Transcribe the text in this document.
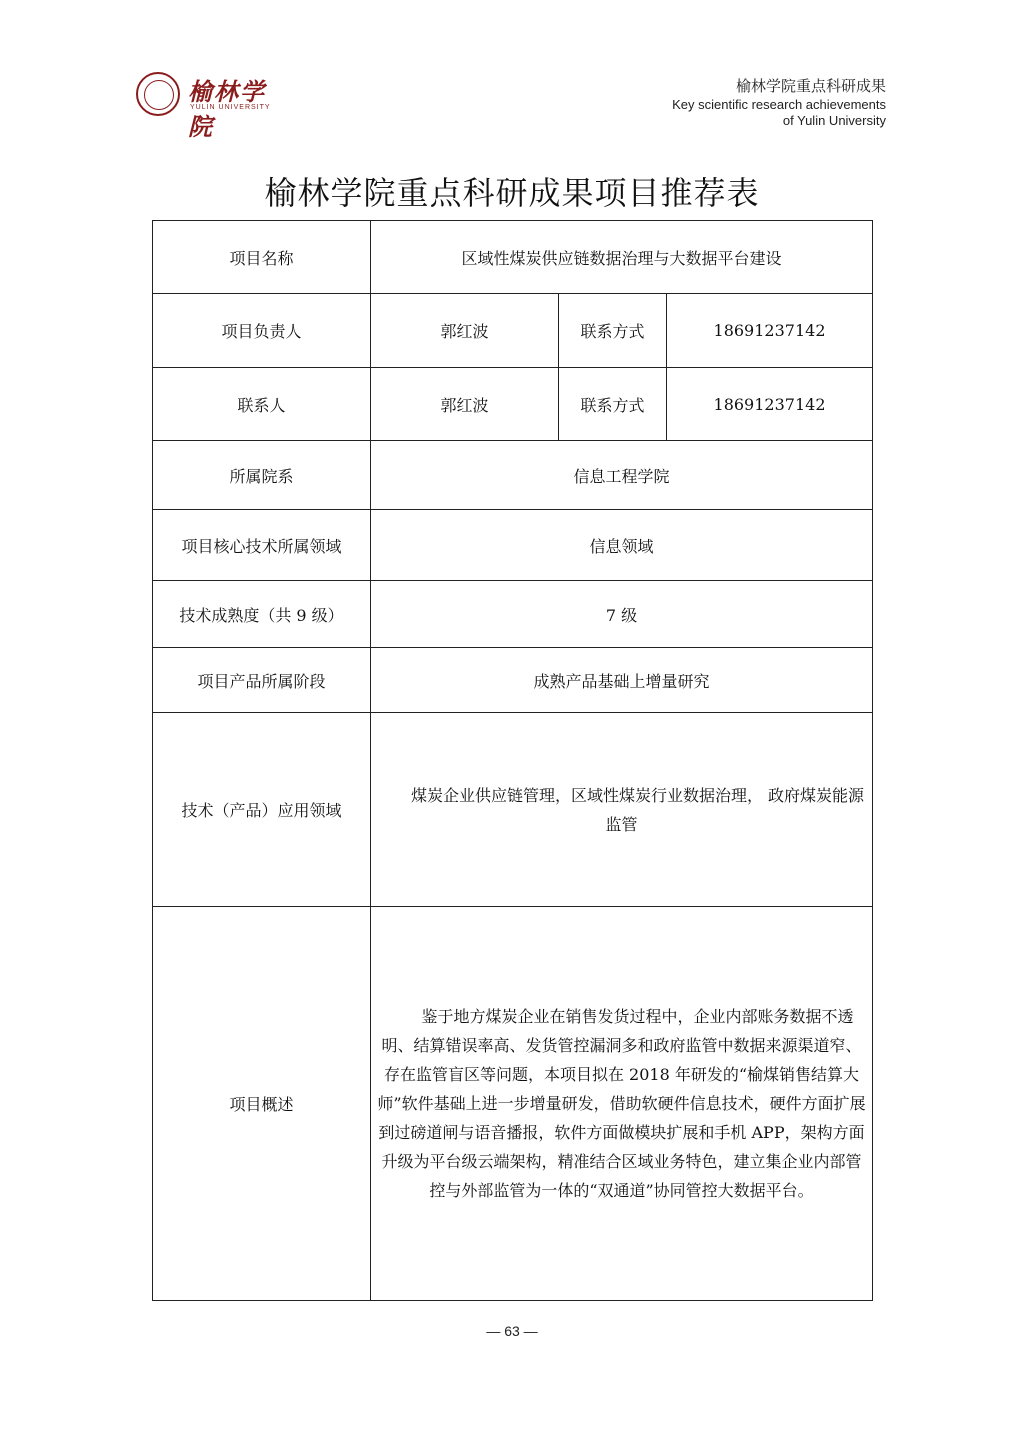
榆林学院
YULIN UNIVERSITY
榆林学院重点科研成果
Key scientific research achievements
of Yulin University
榆林学院重点科研成果项目推荐表
项目名称	区域性煤炭供应链数据治理与大数据平台建设		
项目负责人	郭红波	联系方式	18691237142
联系人	郭红波	联系方式	18691237142
所属院系	信息工程学院		
项目核心技术所属领域	信息领域		
技术成熟度（共 9 级）	7 级		
项目产品所属阶段	成熟产品基础上增量研究		
技术（产品）应用领域	煤炭企业供应链管理，区域性煤炭行业数据治理， 政府煤炭能源监管		
项目概述	鉴于地方煤炭企业在销售发货过程中，企业内部账务数据不透明、结算错误率高、发货管控漏洞多和政府监管中数据来源渠道窄、存在监管盲区等问题，本项目拟在 2018 年研发的“榆煤销售结算大师”软件基础上进一步增量研发，借助软硬件信息技术，硬件方面扩展到过磅道闸与语音播报，软件方面做模块扩展和手机 APP，架构方面升级为平台级云端架构，精准结合区域业务特色，建立集企业内部管控与外部监管为一体的“双通道”协同管控大数据平台。		
— 63 —
